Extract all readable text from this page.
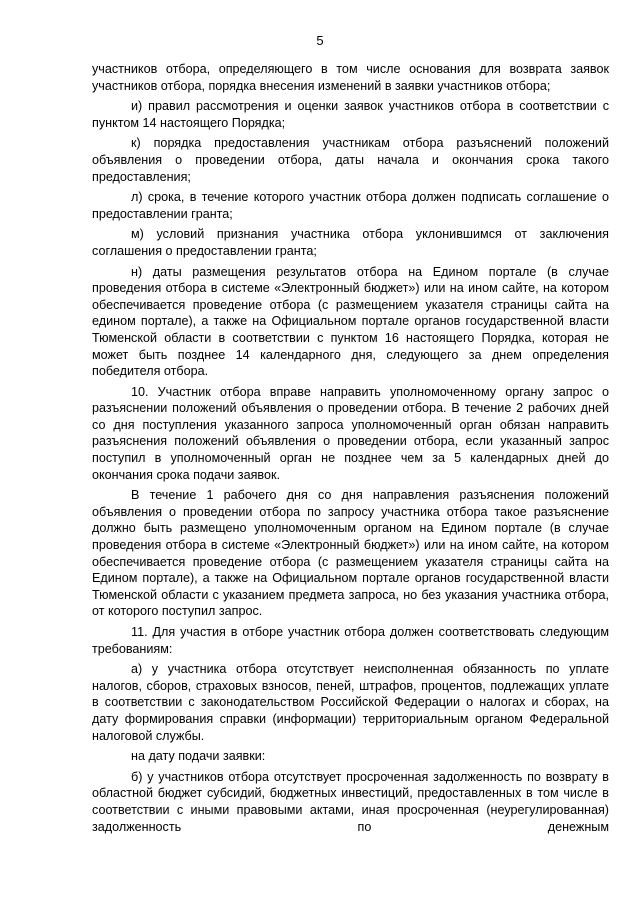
5

участников отбора, определяющего в том числе основания для возврата заявок участников отбора, порядка внесения изменений в заявки участников отбора;

и) правил рассмотрения и оценки заявок участников отбора в соответствии с пунктом 14 настоящего Порядка;

к) порядка предоставления участникам отбора разъяснений положений объявления о проведении отбора, даты начала и окончания срока такого предоставления;

л) срока, в течение которого участник отбора должен подписать соглашение о предоставлении гранта;

м) условий признания участника отбора уклонившимся от заключения соглашения о предоставлении гранта;

н) даты размещения результатов отбора на Едином портале (в случае проведения отбора в системе «Электронный бюджет») или на ином сайте, на котором обеспечивается проведение отбора (с размещением указателя страницы сайта на едином портале), а также на Официальном портале органов государственной власти Тюменской области в соответствии с пунктом 16 настоящего Порядка, которая не может быть позднее 14 календарного дня, следующего за днем определения победителя отбора.

10. Участник отбора вправе направить уполномоченному органу запрос о разъяснении положений объявления о проведении отбора. В течение 2 рабочих дней со дня поступления указанного запроса уполномоченный орган обязан направить разъяснения положений объявления о проведении отбора, если указанный запрос поступил в уполномоченный орган не позднее чем за 5 календарных дней до окончания срока подачи заявок.

В течение 1 рабочего дня со дня направления разъяснения положений объявления о проведении отбора по запросу участника отбора такое разъяснение должно быть размещено уполномоченным органом на Едином портале (в случае проведения отбора в системе «Электронный бюджет») или на ином сайте, на котором обеспечивается проведение отбора (с размещением указателя страницы сайта на Едином портале), а также на Официальном портале органов государственной власти Тюменской области с указанием предмета запроса, но без указания участника отбора, от которого поступил запрос.

11. Для участия в отборе участник отбора должен соответствовать следующим требованиям:

а) у участника отбора отсутствует неисполненная обязанность по уплате налогов, сборов, страховых взносов, пеней, штрафов, процентов, подлежащих уплате в соответствии с законодательством Российской Федерации о налогах и сборах, на дату формирования справки (информации) территориальным органом Федеральной налоговой службы.

на дату подачи заявки:

б) у участников отбора отсутствует просроченная задолженность по возврату в областной бюджет субсидий, бюджетных инвестиций, предоставленных в том числе в соответствии с иными правовыми актами, иная просроченная (неурегулированная) задолженность по денежным
